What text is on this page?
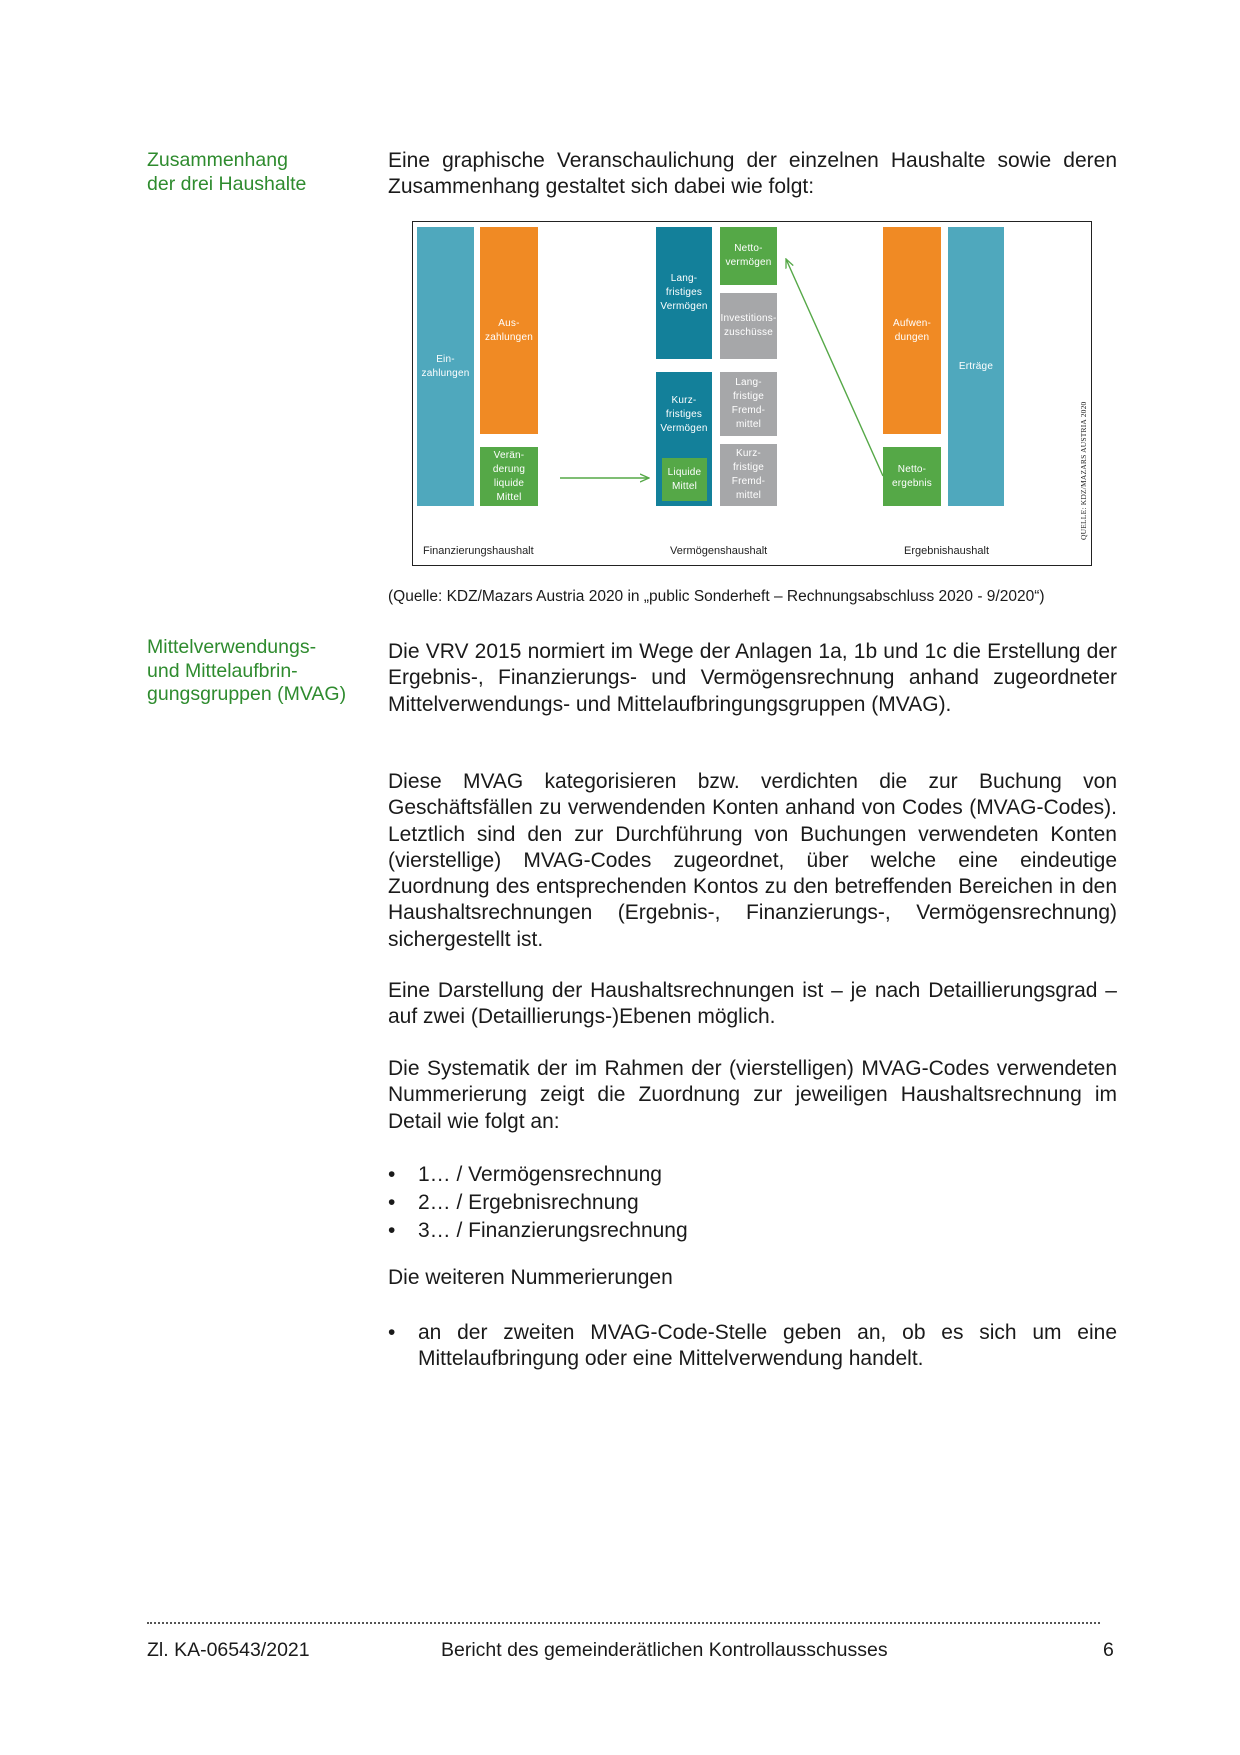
Zusammenhang
der drei Haushalte
Mittelverwendungs-
und Mittelaufbrin-
gungsgruppen (MVAG)

Eine graphische Veranschaulichung der einzelnen Haushalte sowie deren Zusammenhang gestaltet sich dabei wie folgt:

Ein-
zahlungen
Aus-
zahlungen
Verän-
derung
liquide
Mittel
Lang-
fristiges
Vermögen
Kurz-
fristiges
Vermögen
Liquide
Mittel
Netto-
vermögen
Investitions-
zuschüsse
Lang-
fristige
Fremd-
mittel
Kurz-
fristige
Fremd-
mittel
Aufwen-
dungen
Netto-
ergebnis
Erträge
Finanzierungshaushalt	Vermögenshaushalt	Ergebnishaushalt
QUELLE: KDZ/MAZARS AUSTRIA 2020
(Quelle: KDZ/Mazars Austria 2020 in „public Sonderheft – Rechnungsabschluss 2020 - 9/2020“)

Die VRV 2015 normiert im Wege der Anlagen 1a, 1b und 1c die Erstellung der Ergebnis-, Finanzierungs- und Vermögensrechnung anhand zugeordneter Mittelverwendungs- und Mittelaufbringungsgruppen (MVAG).

Diese MVAG kategorisieren bzw. verdichten die zur Buchung von Geschäftsfällen zu verwendenden Konten anhand von Codes (MVAG-Codes). Letztlich sind den zur Durchführung von Buchungen verwendeten Konten (vierstellige) MVAG-Codes zugeordnet, über welche eine eindeutige Zuordnung des entsprechenden Kontos zu den betreffenden Bereichen in den Haushaltsrechnungen (Ergebnis-, Finanzierungs-, Vermögensrechnung) sichergestellt ist.

Eine Darstellung der Haushaltsrechnungen ist – je nach Detaillierungsgrad – auf zwei (Detaillierungs-)Ebenen möglich.

Die Systematik der im Rahmen der (vierstelligen) MVAG-Codes verwendeten Nummerierung zeigt die Zuordnung zur jeweiligen Haushaltsrechnung im Detail wie folgt an:

• 1… / Vermögensrechnung
• 2… / Ergebnisrechnung
• 3… / Finanzierungsrechnung

Die weiteren Nummerierungen

• an der zweiten MVAG-Code-Stelle geben an, ob es sich um eine Mittelaufbringung oder eine Mittelverwendung handelt.
Zl. KA-06543/2021	Bericht des gemeinderätlichen Kontrollausschusses	6
